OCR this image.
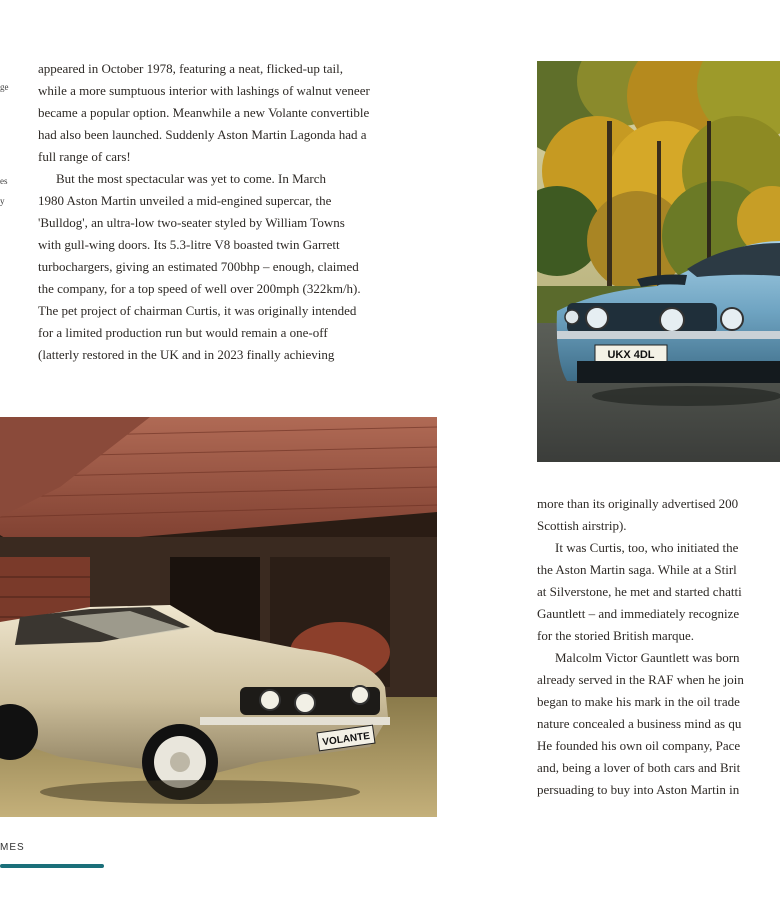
ge
es
y

appeared in October 1978, featuring a neat, flicked-up tail,

while a more sumptuous interior with lashings of walnut veneer

became a popular option. Meanwhile a new Volante convertible

had also been launched. Suddenly Aston Martin Lagonda had a

full range of cars!

But the most spectacular was yet to come. In March

1980 Aston Martin unveiled a mid-engined supercar, the

'Bulldog', an ultra-low two-seater styled by William Towns

with gull-wing doors. Its 5.3-litre V8 boasted twin Garrett

turbochargers, giving an estimated 700bhp – enough, claimed

the company, for a top speed of well over 200mph (322km/h).

The pet project of chairman Curtis, it was originally intended

for a limited production run but would remain a one-off

(latterly restored in the UK and in 2023 finally achieving	UKX 4DL
VOLANTE

more than its originally advertised 200

Scottish airstrip).

It was Curtis, too, who initiated the

the Aston Martin saga. While at a Stirl

at Silverstone, he met and started chatti

Gauntlett – and immediately recognize

for the storied British marque.

Malcolm Victor Gauntlett was born

already served in the RAF when he join

began to make his mark in the oil trade

nature concealed a business mind as qu

He founded his own oil company, Pace

and, being a lover of both cars and Brit

persuading to buy into Aston Martin in

MES
